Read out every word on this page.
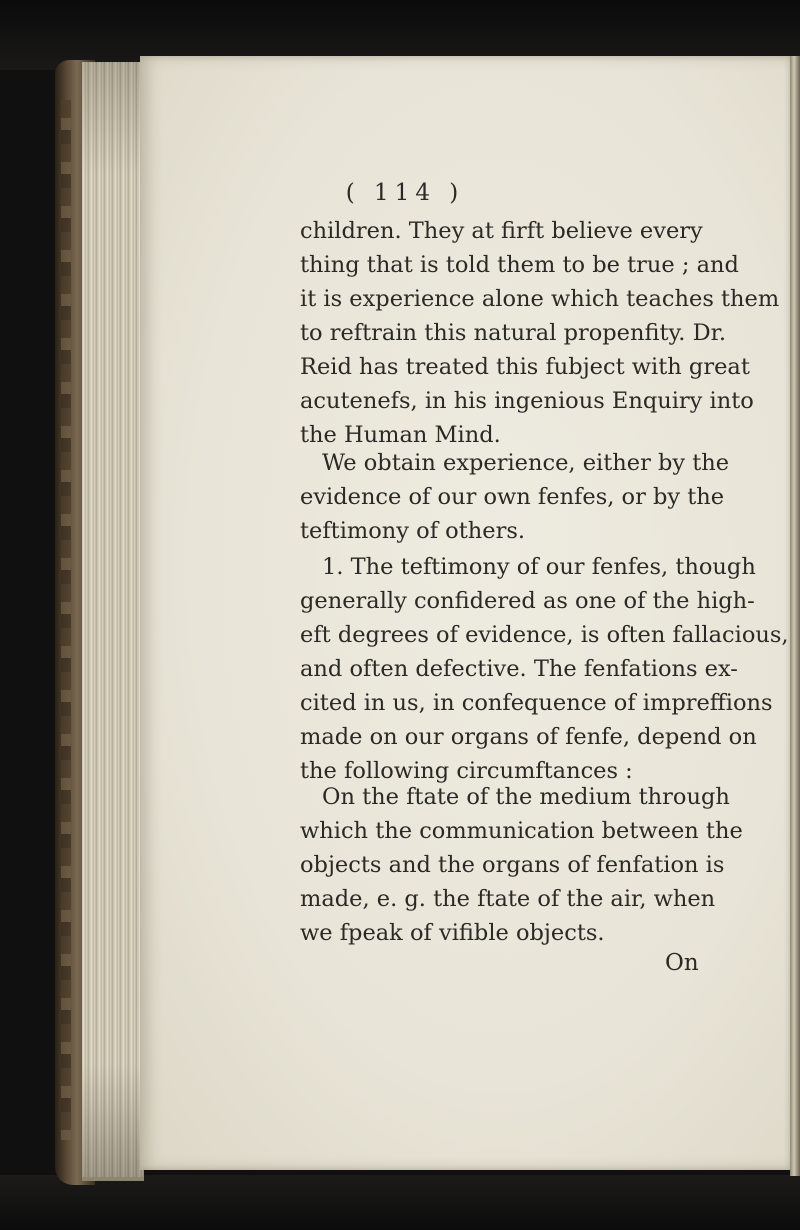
( 114 )

children. They at firft believe every
thing that is told them to be true ; and
it is experience alone which teaches them
to reftrain this natural propenfity. Dr.
Reid has treated this fubject with great
acutenefs, in his ingenious Enquiry into
the Human Mind.

We obtain experience, either by the
evidence of our own fenfes, or by the
teftimony of others.

1. The teftimony of our fenfes, though
generally confidered as one of the high-
eft degrees of evidence, is often fallacious,
and often defective. The fenfations ex-
cited in us, in confequence of impreffions
made on our organs of fenfe, depend on
the following circumftances :

On the ftate of the medium through
which the communication between the
objects and the organs of fenfation is
made, e. g. the ftate of the air, when
we fpeak of vifible objects.

On
